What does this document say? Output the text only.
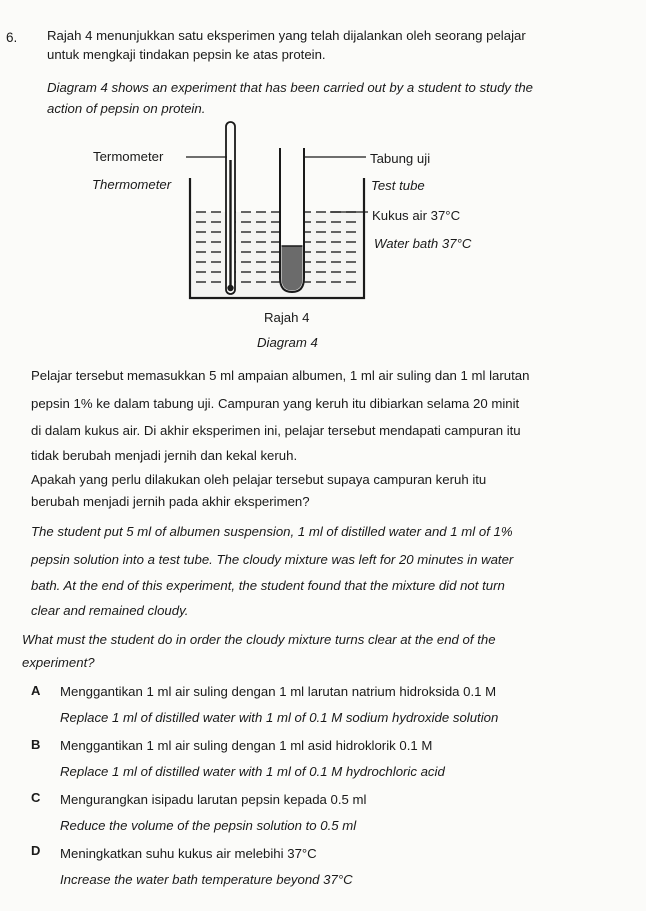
6. Rajah 4 menunjukkan satu eksperimen yang telah dijalankan oleh seorang pelajar
untuk mengkaji tindakan pepsin ke atas protein.
Diagram 4 shows an experiment that has been carried out by a student to study the
action of pepsin on protein.
Termometer
Thermometer
Tabung uji
Test tube
Kukus air 37°C
Water bath 37°C
Rajah 4
Diagram 4
Pelajar tersebut memasukkan 5 ml ampaian albumen, 1 ml air suling dan 1 ml larutan
pepsin 1% ke dalam tabung uji. Campuran yang keruh itu dibiarkan selama 20 minit
di dalam kukus air. Di akhir eksperimen ini, pelajar tersebut mendapati campuran itu
tidak berubah menjadi jernih dan kekal keruh.
Apakah yang perlu dilakukan oleh pelajar tersebut supaya campuran keruh itu
berubah menjadi jernih pada akhir eksperimen?
The student put 5 ml of albumen suspension, 1 ml of distilled water and 1 ml of 1%
pepsin solution into a test tube. The cloudy mixture was left for 20 minutes in water
bath. At the end of this experiment, the student found that the mixture did not turn
clear and remained cloudy.
What must the student do in order the cloudy mixture turns clear at the end of the
experiment?
A Menggantikan 1 ml air suling dengan 1 ml larutan natrium hidroksida 0.1 M
Replace 1 ml of distilled water with 1 ml of 0.1 M sodium hydroxide solution
B Menggantikan 1 ml air suling dengan 1 ml asid hidroklorik 0.1 M
Replace 1 ml of distilled water with 1 ml of 0.1 M hydrochloric acid
C Mengurangkan isipadu larutan pepsin kepada 0.5 ml
Reduce the volume of the pepsin solution to 0.5 ml
D Meningkatkan suhu kukus air melebihi 37°C
Increase the water bath temperature beyond 37°C
